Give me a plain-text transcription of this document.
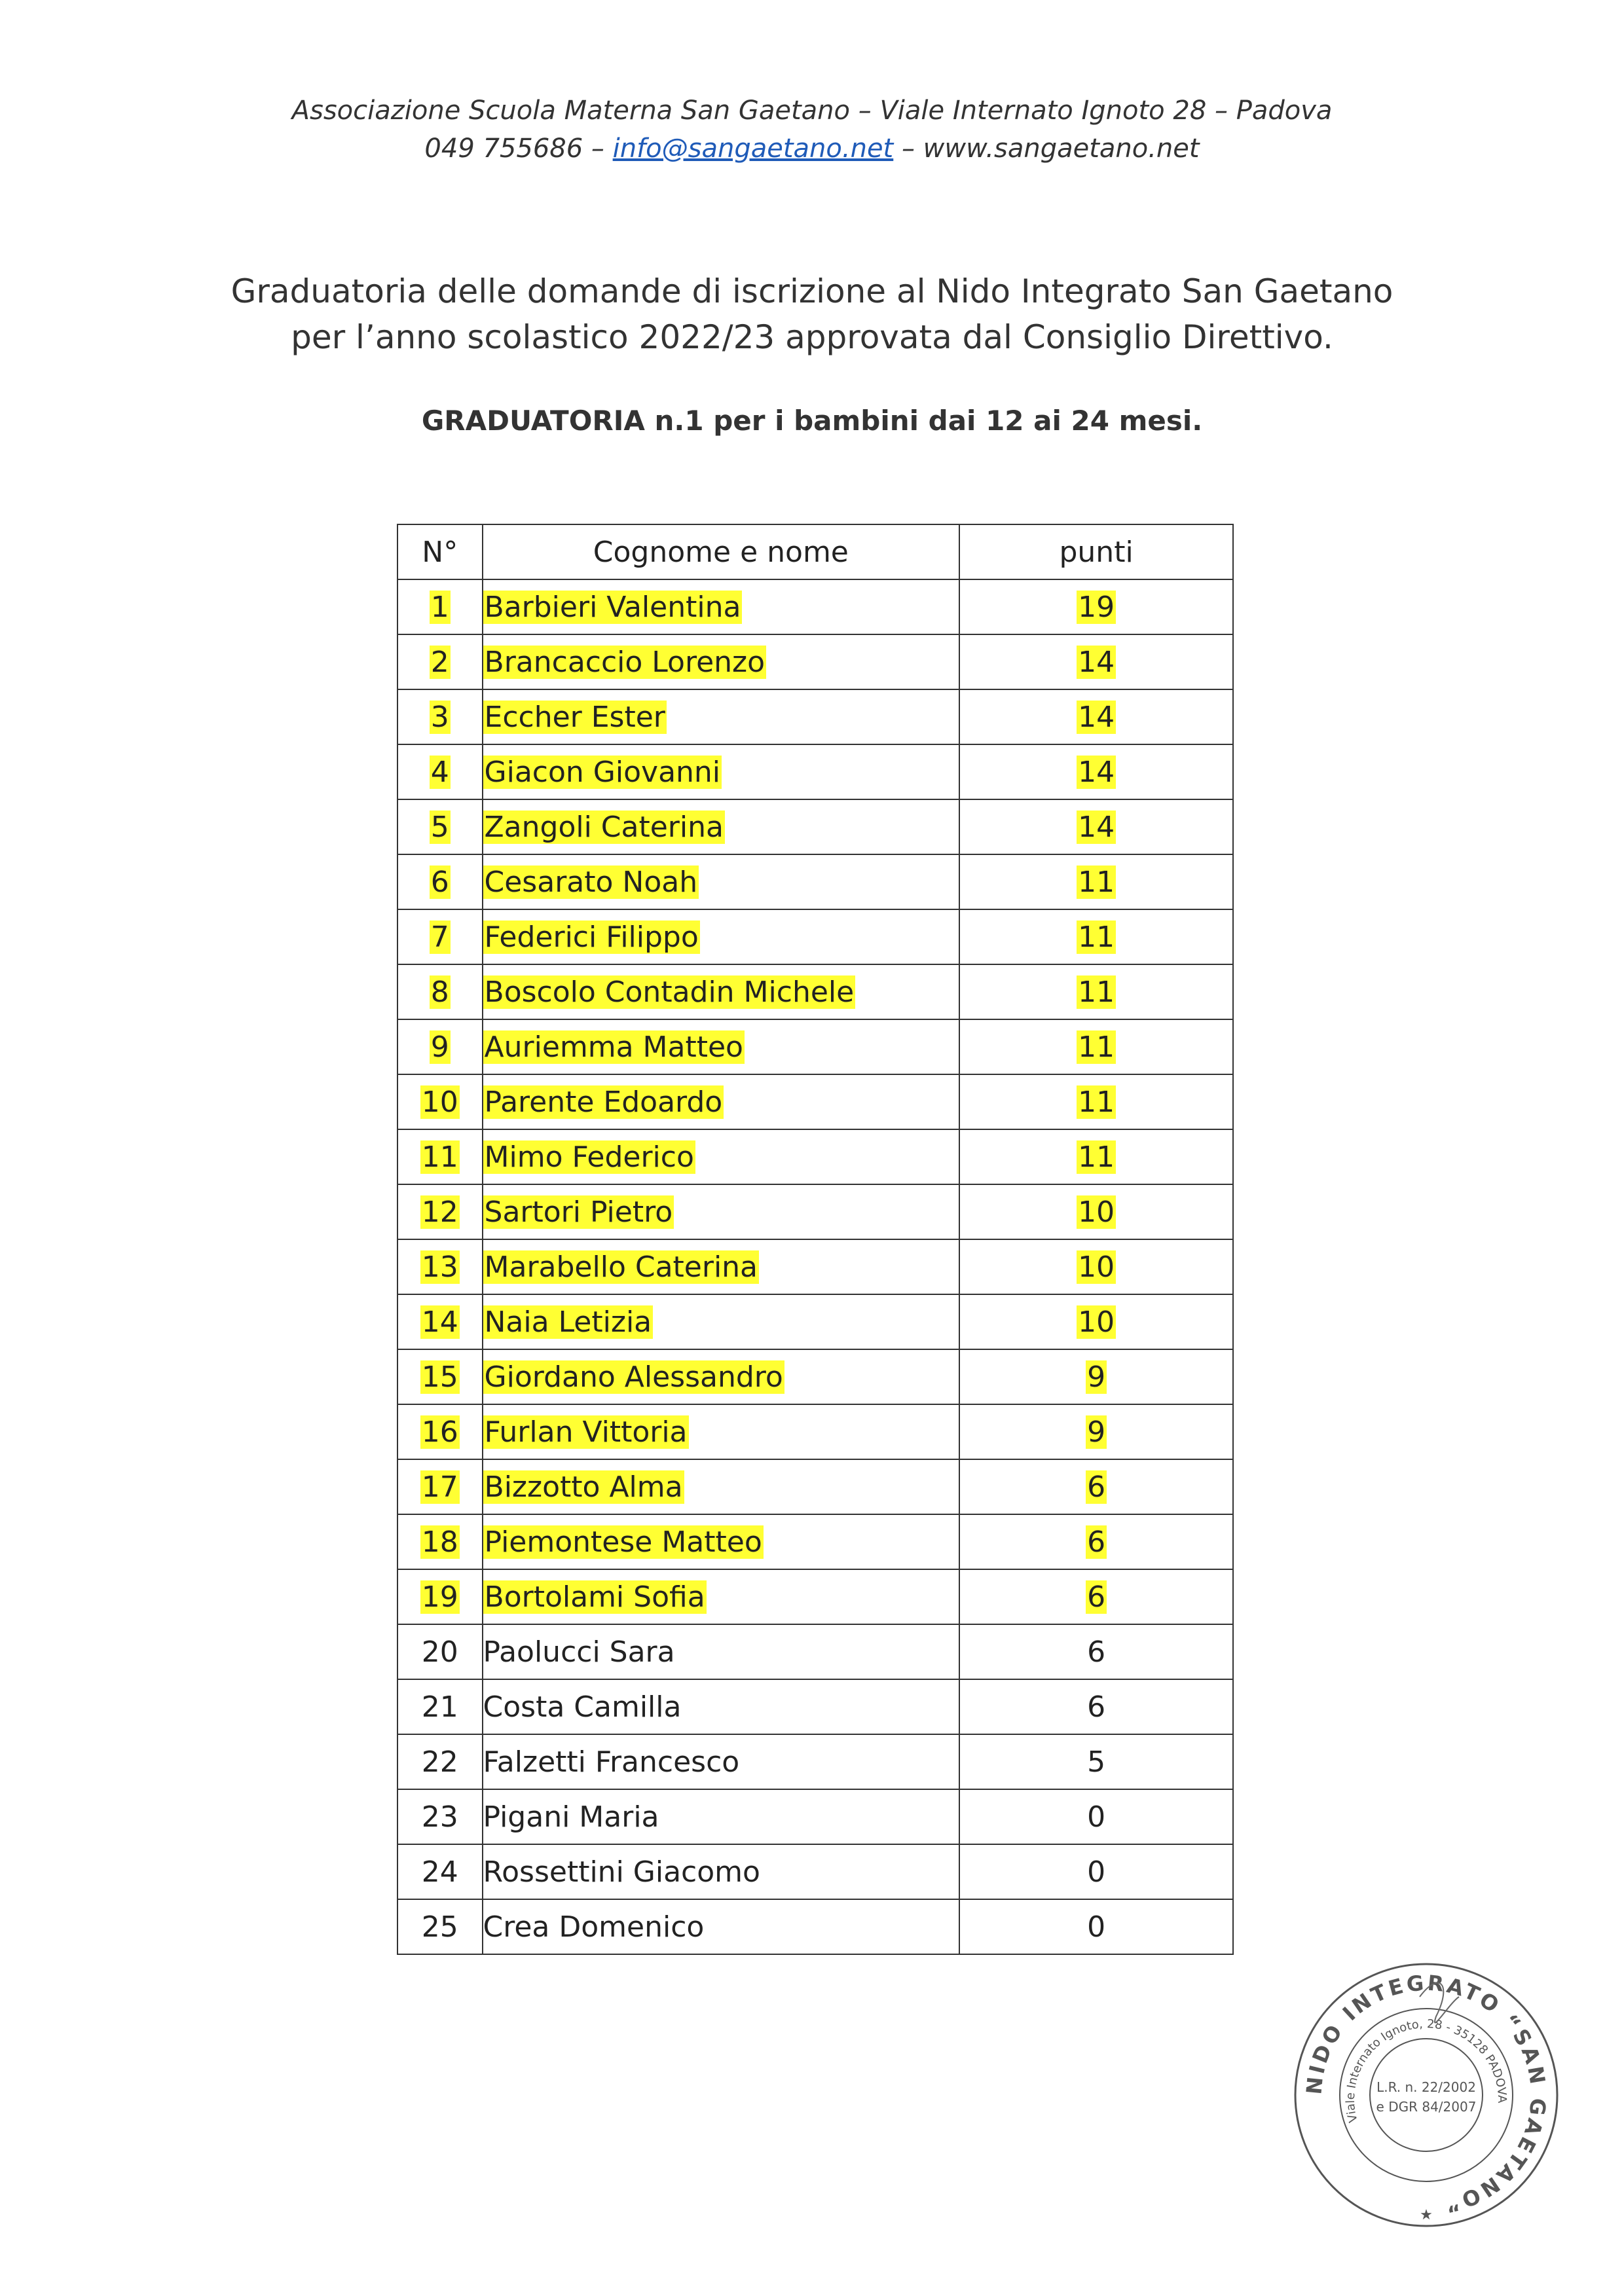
Associazione Scuola Materna San Gaetano – Viale Internato Ignoto 28 – Padova
049 755686 – info@sangaetano.net – www.sangaetano.net
Graduatoria delle domande di iscrizione al Nido Integrato San Gaetano
per l’anno scolastico 2022/23 approvata dal Consiglio Direttivo.
GRADUATORIA n.1 per i bambini dai 12 ai 24 mesi.
N°	Cognome e nome	punti
1	Barbieri Valentina	19
2	Brancaccio Lorenzo	14
3	Eccher Ester	14
4	Giacon Giovanni	14
5	Zangoli Caterina	14
6	Cesarato Noah	11
7	Federici Filippo	11
8	Boscolo Contadin Michele	11
9	Auriemma Matteo	11
10	Parente Edoardo	11
11	Mimo Federico	11
12	Sartori Pietro	10
13	Marabello Caterina	10
14	Naia Letizia	10
15	Giordano Alessandro	9
16	Furlan Vittoria	9
17	Bizzotto Alma	6
18	Piemontese Matteo	6
19	Bortolami Sofia	6
20	Paolucci Sara	6
21	Costa Camilla	6
22	Falzetti Francesco	5
23	Pigani Maria	0
24	Rossettini Giacomo	0
25	Crea Domenico	0
NIDO INTEGRATO “SAN GAETANO”
Viale Internato Ignoto, 28 - 35128 PADOVA
L.R. n. 22/2002
e DGR 84/2007
★
